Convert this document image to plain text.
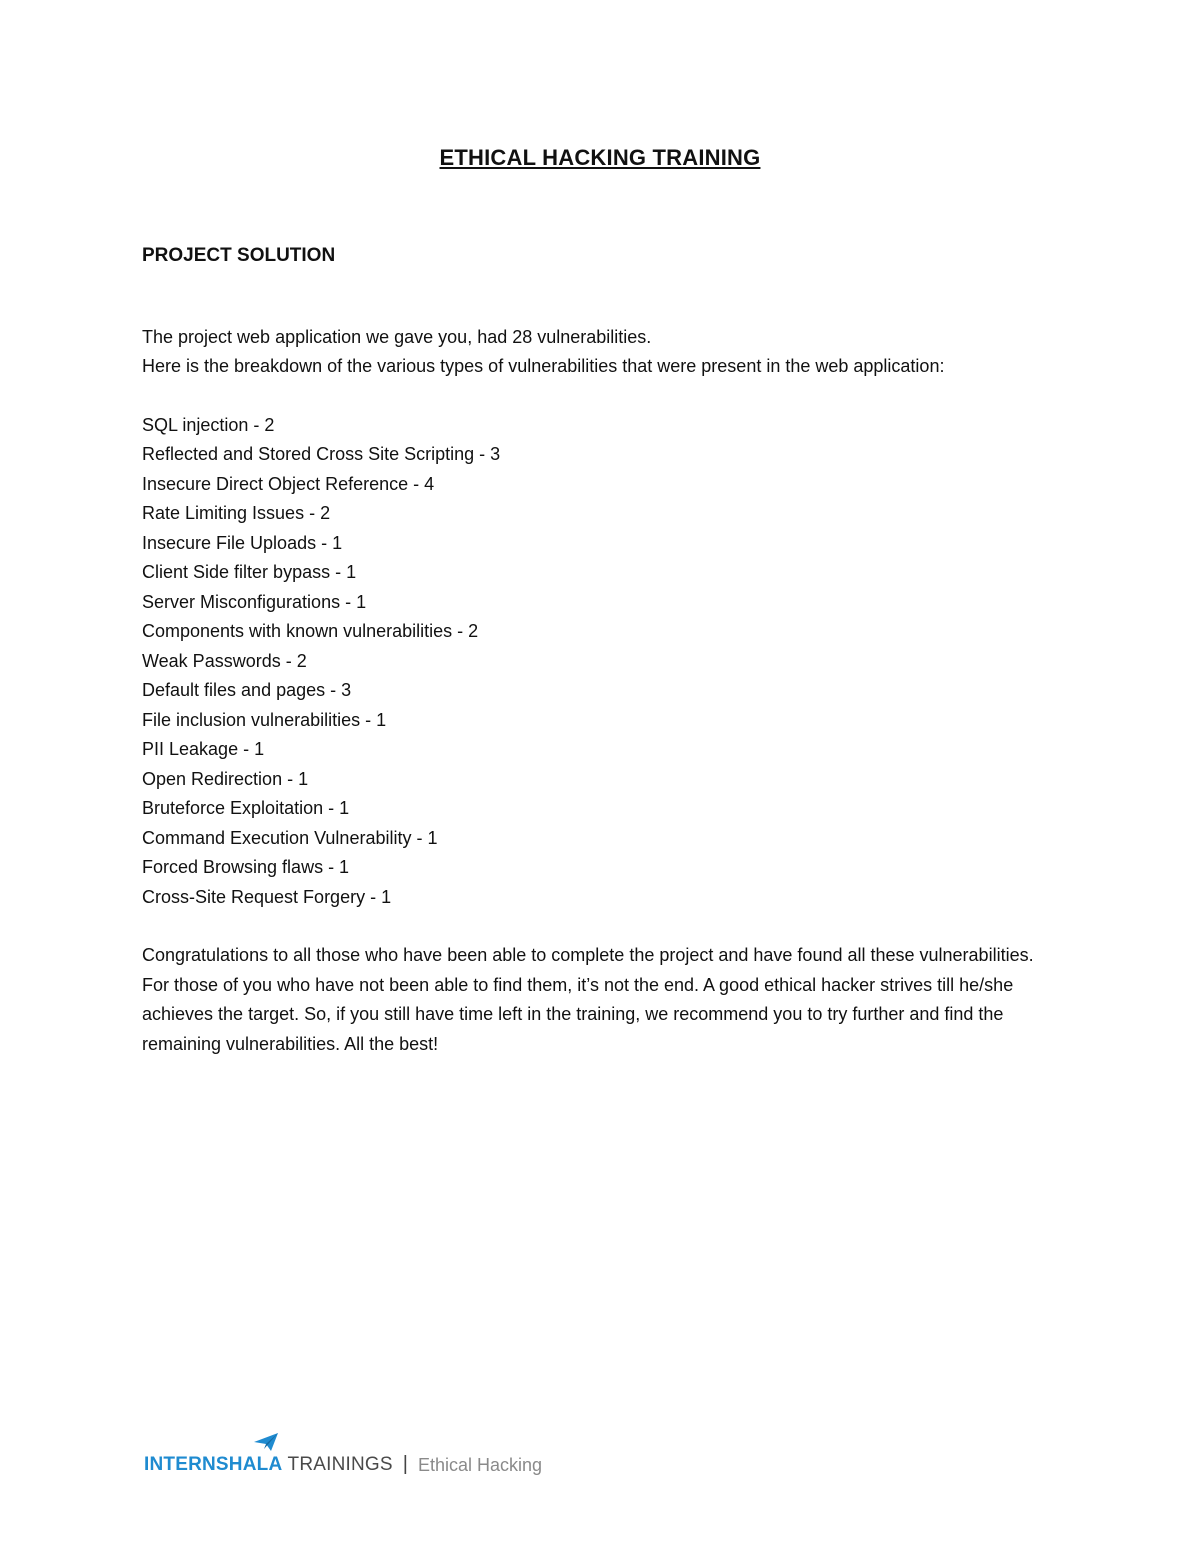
ETHICAL HACKING TRAINING
PROJECT SOLUTION

The project web application we gave you, had 28 vulnerabilities.

Here is the breakdown of the various types of vulnerabilities that were present in the web application:

SQL injection - 2
Reflected and Stored Cross Site Scripting - 3
Insecure Direct Object Reference - 4
Rate Limiting Issues - 2
Insecure File Uploads - 1
Client Side filter bypass - 1
Server Misconfigurations - 1
Components with known vulnerabilities - 2
Weak Passwords - 2
Default files and pages - 3
File inclusion vulnerabilities - 1
PII Leakage - 1
Open Redirection - 1
Bruteforce Exploitation - 1
Command Execution Vulnerability - 1
Forced Browsing flaws - 1
Cross-Site Request Forgery - 1

Congratulations to all those who have been able to complete the project and have found all these vulnerabilities.

For those of you who have not been able to find them, it’s not the end. A good ethical hacker strives till he/she achieves the target. So, if you still have time left in the training, we recommend you to try further and find the remaining vulnerabilities. All the best!

INTERNSHALA TRAININGS | Ethical Hacking
